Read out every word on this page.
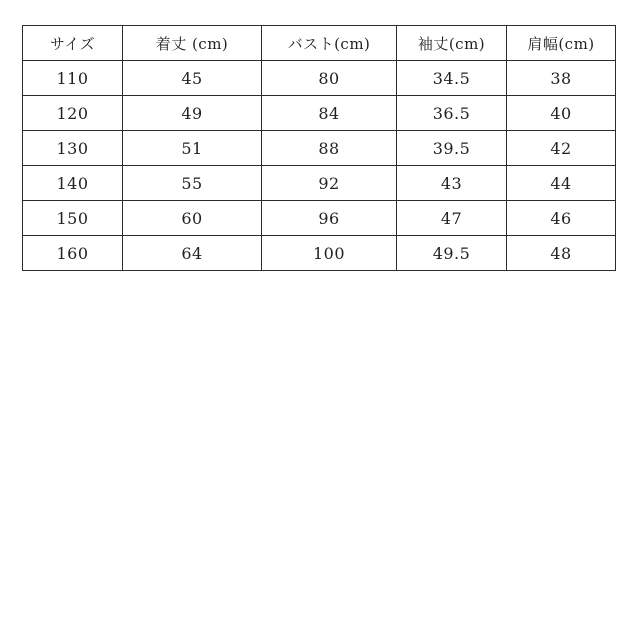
サイズ	着丈 (cm)	バスト(cm)	袖丈(cm)	肩幅(cm)
110	45	80	34.5	38
120	49	84	36.5	40
130	51	88	39.5	42
140	55	92	43	44
150	60	96	47	46
160	64	100	49.5	48
